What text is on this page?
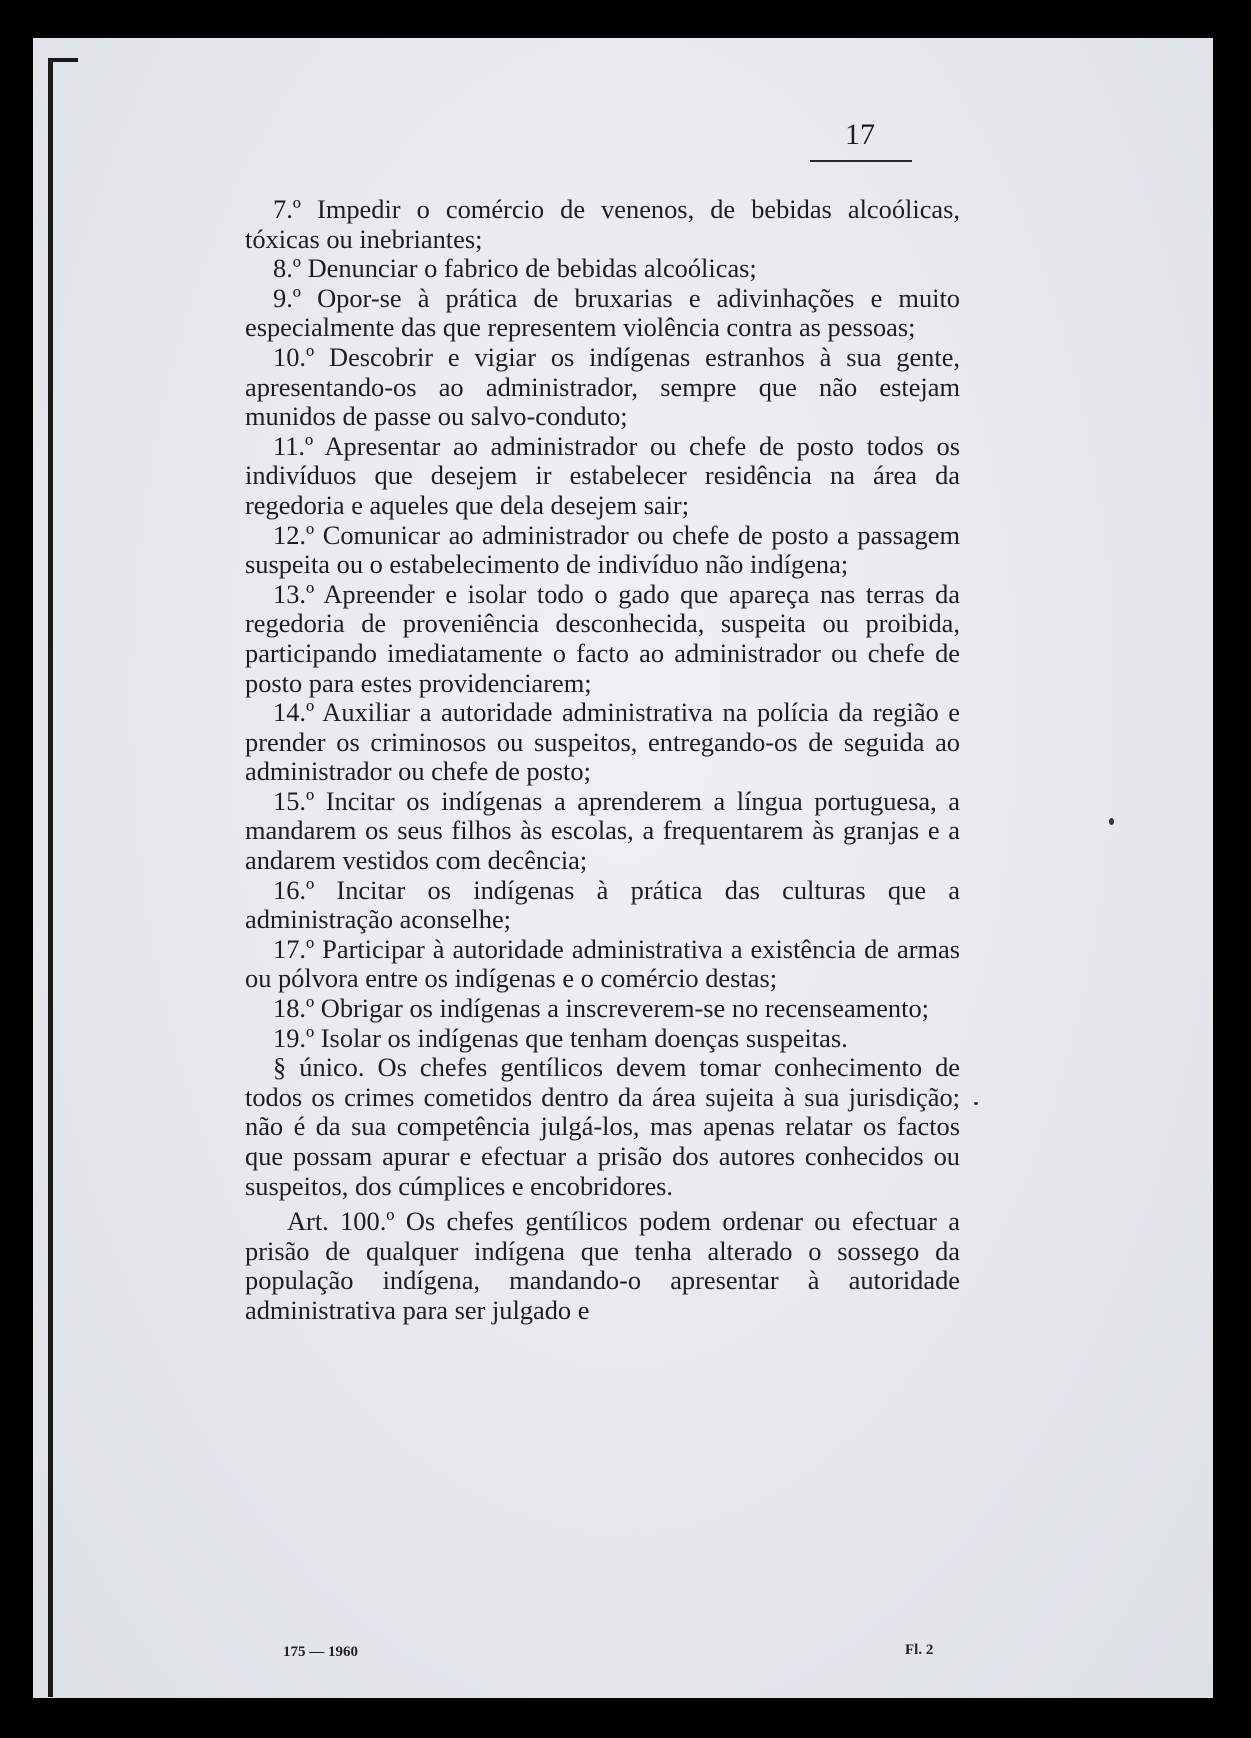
17

7.º Impedir o comércio de venenos, de bebidas alcoólicas, tóxicas ou inebriantes;

8.º Denunciar o fabrico de bebidas alcoólicas;

9.º Opor-se à prática de bruxarias e adivinhações e muito especialmente das que representem violência contra as pessoas;

10.º Descobrir e vigiar os indígenas estranhos à sua gente, apresentando-os ao administrador, sempre que não estejam munidos de passe ou salvo-conduto;

11.º Apresentar ao administrador ou chefe de posto todos os indivíduos que desejem ir estabelecer residência na área da regedoria e aqueles que dela desejem sair;

12.º Comunicar ao administrador ou chefe de posto a passagem suspeita ou o estabelecimento de indivíduo não indígena;

13.º Apreender e isolar todo o gado que apareça nas terras da regedoria de proveniência desconhecida, suspeita ou proibida, participando imediatamente o facto ao administrador ou chefe de posto para estes providenciarem;

14.º Auxiliar a autoridade administrativa na polícia da região e prender os criminosos ou suspeitos, entregando-os de seguida ao administrador ou chefe de posto;

15.º Incitar os indígenas a aprenderem a língua portuguesa, a mandarem os seus filhos às escolas, a frequentarem às granjas e a andarem vestidos com decência;

16.º Incitar os indígenas à prática das culturas que a administração aconselhe;

17.º Participar à autoridade administrativa a existência de armas ou pólvora entre os indígenas e o comércio destas;

18.º Obrigar os indígenas a inscreverem-se no recenseamento;

19.º Isolar os indígenas que tenham doenças suspeitas.

§ único. Os chefes gentílicos devem tomar conhecimento de todos os crimes cometidos dentro da área sujeita à sua jurisdição; não é da sua competência julgá-los, mas apenas relatar os factos que possam apurar e efectuar a prisão dos autores conhecidos ou suspeitos, dos cúmplices e encobridores.

Art. 100.º Os chefes gentílicos podem ordenar ou efectuar a prisão de qualquer indígena que tenha alterado o sossego da população indígena, mandando-o apresentar à autoridade administrativa para ser julgado e

175 — 1960	Fl. 2
